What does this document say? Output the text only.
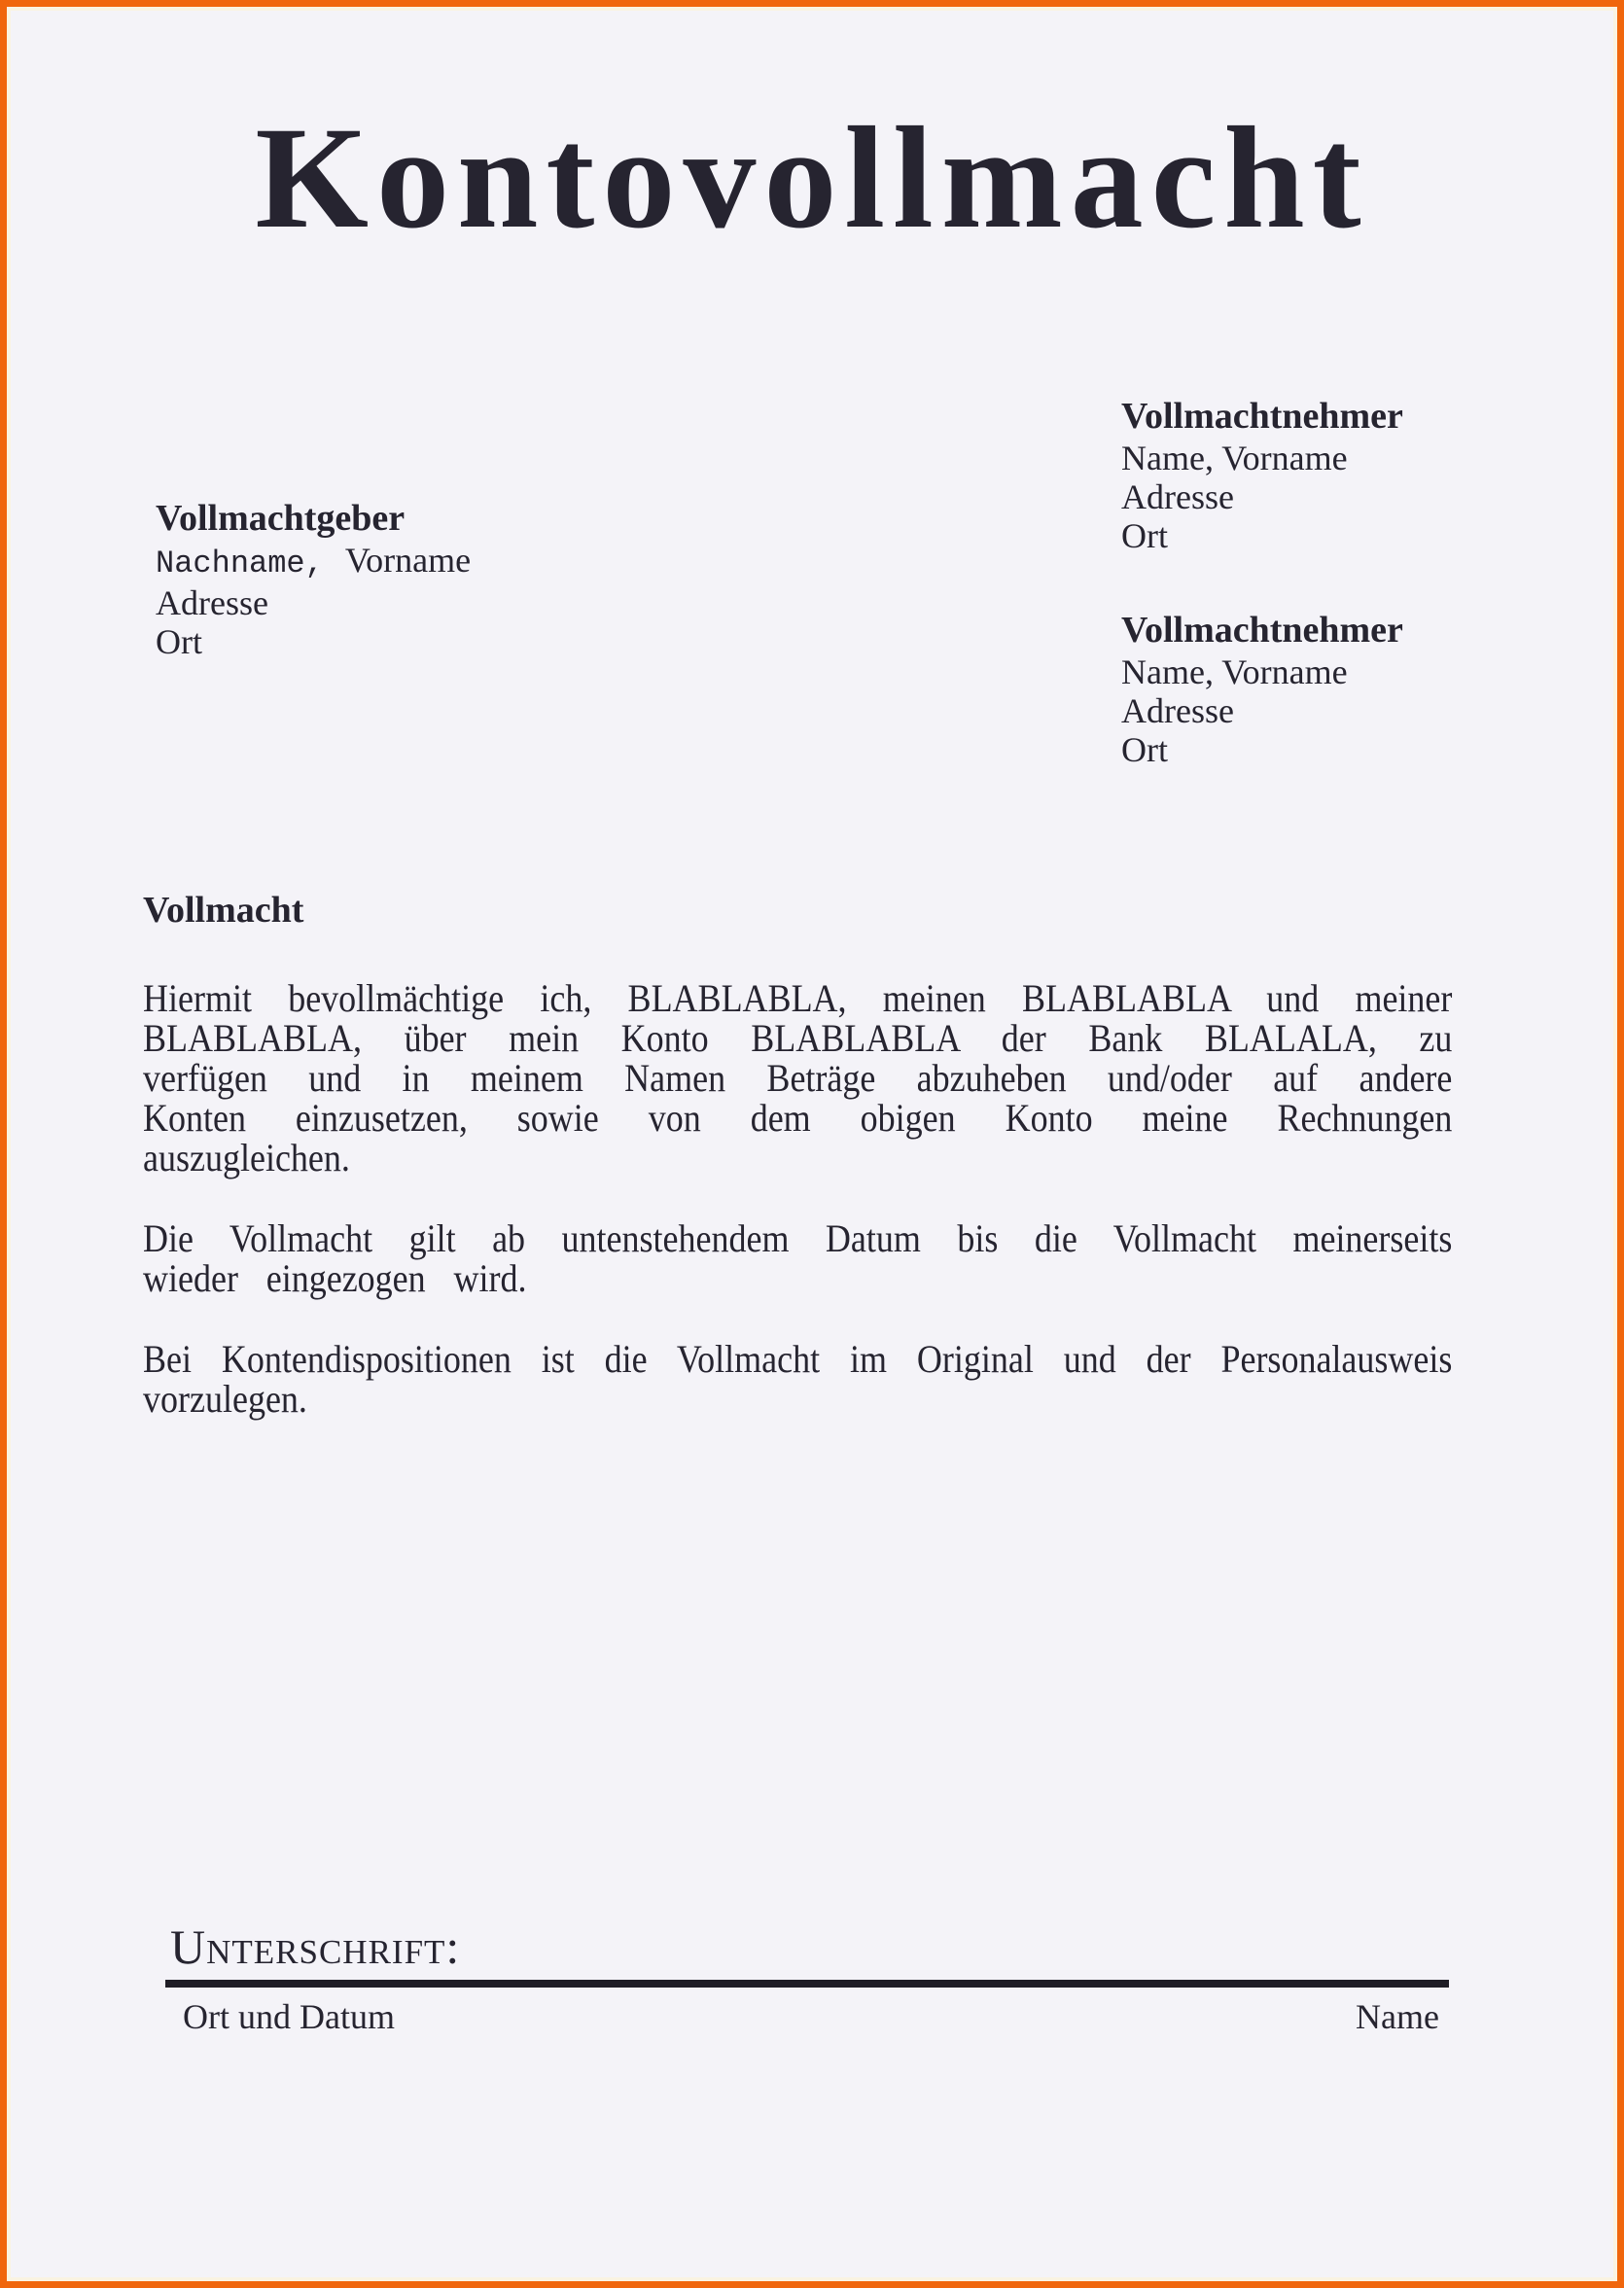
Kontovollmacht
Vollmachtnehmer
Name, Vorname
Adresse
Ort
Vollmachtgeber
Nachname, Vorname
Adresse
Ort	Vollmachtnehmer
Name, Vorname
Adresse
Ort
Vollmacht

Hiermit bevollmächtige ich, BLABLABLA, meinen BLABLABLA und meiner BLABLABLA, über mein Konto BLABLABLA der Bank BLALALA, zu verfügen und in meinem Namen Beträge abzuheben und/oder auf andere Konten einzusetzen, sowie von dem obigen Konto meine Rechnungen auszugleichen.

Die Vollmacht gilt ab untenstehendem Datum bis die Vollmacht meinerseits wieder eingezogen wird.

Bei Kontendispositionen ist die Vollmacht im Original und der Personalausweis vorzulegen.

Unterschrift:
Ort und Datum	Name
